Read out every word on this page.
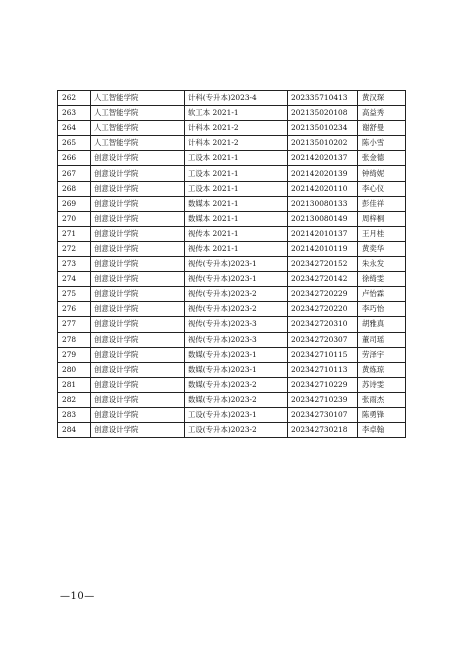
262	人工智能学院	计科(专升本)2023-4	202335710413	黄汉琛
263	人工智能学院	软工本 2021-1	202135020108	高益秀
264	人工智能学院	计科本 2021-2	202135010234	谢舒曼
265	人工智能学院	计科本 2021-2	202135010202	陈小雪
266	创意设计学院	工设本 2021-1	202142020137	张金德
267	创意设计学院	工设本 2021-1	202142020139	钟绮妮
268	创意设计学院	工设本 2021-1	202142020110	李心仪
269	创意设计学院	数媒本 2021-1	202130080133	彭佳祥
270	创意设计学院	数媒本 2021-1	202130080149	周梓桐
271	创意设计学院	视传本 2021-1	202142010137	王月桂
272	创意设计学院	视传本 2021-1	202142010119	黄奕华
273	创意设计学院	视传(专升本)2023-1	202342720152	朱永发
274	创意设计学院	视传(专升本)2023-1	202342720142	徐绮雯
275	创意设计学院	视传(专升本)2023-2	202342720229	卢怡霖
276	创意设计学院	视传(专升本)2023-2	202342720220	李巧怡
277	创意设计学院	视传(专升本)2023-3	202342720310	胡雅真
278	创意设计学院	视传(专升本)2023-3	202342720307	董司瑶
279	创意设计学院	数媒(专升本)2023-1	202342710115	劳泽宇
280	创意设计学院	数媒(专升本)2023-1	202342710113	黄炼琼
281	创意设计学院	数媒(专升本)2023-2	202342710229	苏诗雯
282	创意设计学院	数媒(专升本)2023-2	202342710239	张雨杰
283	创意设计学院	工设(专升本)2023-1	202342730107	陈勇锋
284	创意设计学院	工设(专升本)2023-2	202342730218	李卓翰
—10—
